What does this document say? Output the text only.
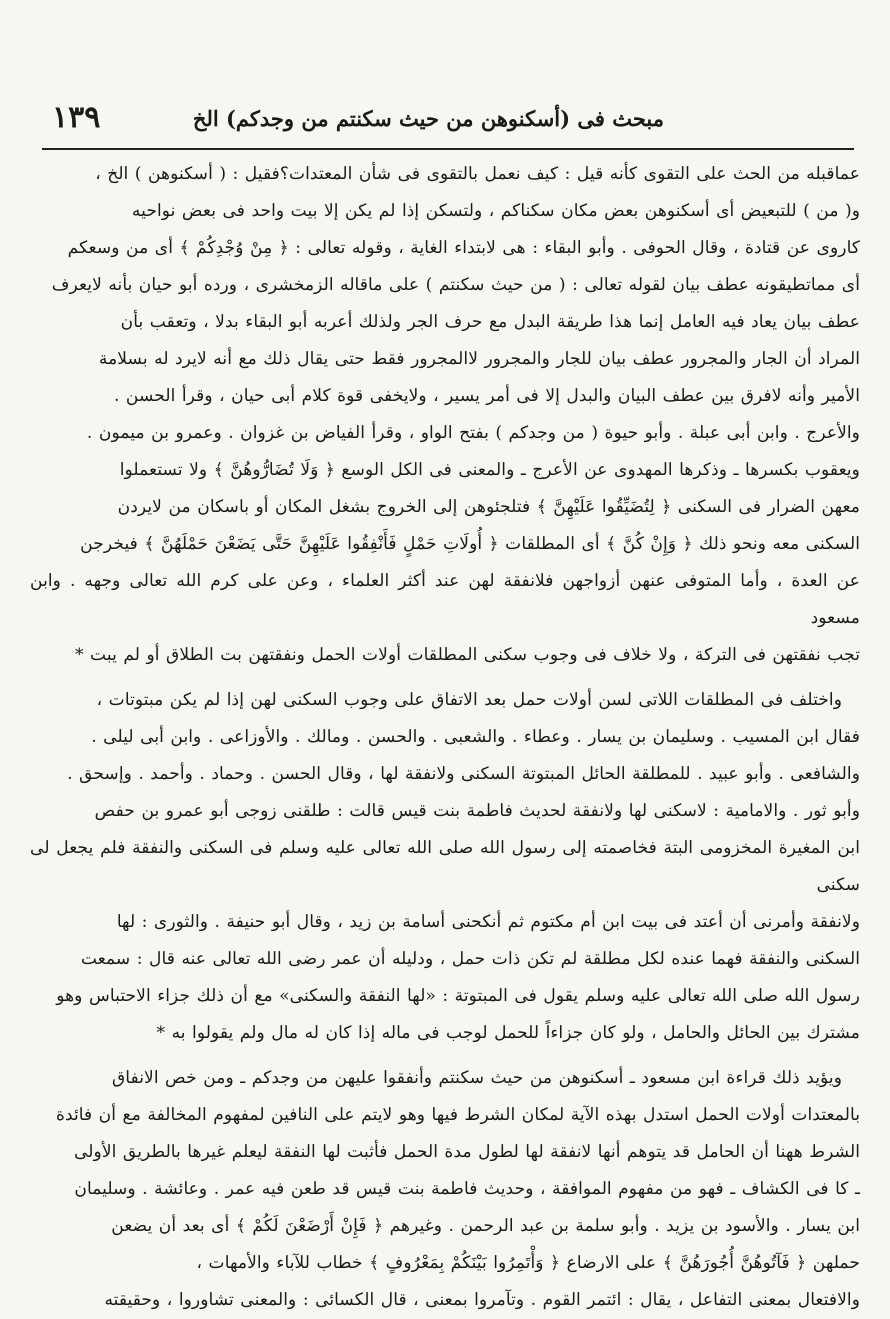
مبحث فى (أسكنوهن من حيث سكنتم من وجدكم) الخ
١٣٩

عماقبله من الحث على التقوى كأنه قيل : كيف نعمل بالتقوى فى شأن المعتدات؟فقيل : ( أسكنوهن ) الخ ،

و( من ) للتبعيض أى أسكنوهن بعض مكان سكناكم ، ولتسكن إذا لم يكن إلا بيت واحد فى بعض نواحيه

كاروى عن قتادة ، وقال الحوفى . وأبو البقاء : هى لابتداء الغاية ، وقوله تعالى : ﴿ مِنْ وُجْدِكُمْ ﴾ أى من وسعكم

أى مماتطيقونه عطف بيان لقوله تعالى : ( من حيث سكنتم ) على ماقاله الزمخشرى ، ورده أبو حيان بأنه لايعرف

عطف بيان يعاد فيه العامل إنما هذا طريقة البدل مع حرف الجر ولذلك أعربه أبو البقاء بدلا ، وتعقب بأن

المراد أن الجار والمجرور عطف بيان للجار والمجرور لاالمجرور فقط حتى يقال ذلك مع أنه لايرد له بسلامة

الأمير وأنه لافرق بين عطف البيان والبدل إلا فى أمر يسير ، ولايخفى قوة كلام أبى حيان ، وقرأ الحسن .

والأعرج . وابن أبى عبلة . وأبو حيوة ( من وجدكم ) بفتح الواو ، وقرأ الفياض بن غزوان . وعمرو بن ميمون .

ويعقوب بكسرها ـ وذكرها المهدوى عن الأعرج ـ والمعنى فى الكل الوسع ﴿ وَلَا تُضَارُّوهُنَّ ﴾ ولا تستعملوا

معهن الضرار فى السكنى ﴿ لِتُضَيِّقُوا عَلَيْهِنَّ ﴾ فتلجئوهن إلى الخروج بشغل المكان أو باسكان من لايردن

السكنى معه ونحو ذلك ﴿ وَإِنْ كُنَّ ﴾ أى المطلقات ﴿ أُولَاتِ حَمْلٍ فَأَنْفِقُوا عَلَيْهِنَّ حَتَّى يَضَعْنَ حَمْلَهُنَّ ﴾ فيخرجن

عن العدة ، وأما المتوفى عنهن أزواجهن فلانفقة لهن عند أكثر العلماء ، وعن على كرم الله تعالى وجهه . وابن مسعود

تجب نفقتهن فى التركة ، ولا خلاف فى وجوب سكنى المطلقات أولات الحمل ونفقتهن بت الطلاق أو لم يبت *

واختلف فى المطلقات اللاتى لسن أولات حمل بعد الاتفاق على وجوب السكنى لهن إذا لم يكن مبتوتات ،

فقال ابن المسيب . وسليمان بن يسار . وعطاء . والشعبى . والحسن . ومالك . والأوزاعى . وابن أبى ليلى .

والشافعى . وأبو عبيد . للمطلقة الحائل المبتوتة السكنى ولانفقة لها ، وقال الحسن . وحماد . وأحمد . وإسحق .

وأبو ثور . والامامية : لاسكنى لها ولانفقة لحديث فاطمة بنت قيس قالت : طلقنى زوجى أبو عمرو بن حفص

ابن المغيرة المخزومى البتة فخاصمته إلى رسول الله صلى الله تعالى عليه وسلم فى السكنى والنفقة فلم يجعل لى سكنى

ولانفقة وأمرنى أن أعتد فى بيت ابن أم مكتوم ثم أنكحنى أسامة بن زيد ، وقال أبو حنيفة . والثورى : لها

السكنى والنفقة فهما عنده لكل مطلقة لم تكن ذات حمل ، ودليله أن عمر رضى الله تعالى عنه قال : سمعت

رسول الله صلى الله تعالى عليه وسلم يقول فى المبتوتة : «لها النفقة والسكنى» مع أن ذلك جزاء الاحتباس وهو

مشترك بين الحائل والحامل ، ولو كان جزاءاً للحمل لوجب فى ماله إذا كان له مال ولم يقولوا به *

ويؤيد ذلك قراءة ابن مسعود ـ أسكنوهن من حيث سكنتم وأنفقوا عليهن من وجدكم ـ ومن خص الانفاق

بالمعتدات أولات الحمل استدل بهذه الآية لمكان الشرط فيها وهو لايتم على النافين لمفهوم المخالفة مع أن فائدة

الشرط ههنا أن الحامل قد يتوهم أنها لانفقة لها لطول مدة الحمل فأثبت لها النفقة ليعلم غيرها بالطريق الأولى

ـ كا فى الكشاف ـ فهو من مفهوم الموافقة ، وحديث فاطمة بنت قيس قد طعن فيه عمر . وعائشة . وسليمان

ابن يسار . والأسود بن يزيد . وأبو سلمة بن عبد الرحمن . وغيرهم ﴿ فَإِنْ أَرْضَعْنَ لَكُمْ ﴾ أى بعد أن يضعن

حملهن ﴿ فَآتُوهُنَّ أُجُورَهُنَّ ﴾ على الارضاع ﴿ وَأْتَمِرُوا بَيْنَكُمْ بِمَعْرُوفٍ ﴾ خطاب للآباء والأمهات ،

والافتعال بمعنى التفاعل ، يقال : ائتمر القوم . وتآمروا بمعنى ، قال الكسائى : والمعنى تشاوروا ، وحقيقته
